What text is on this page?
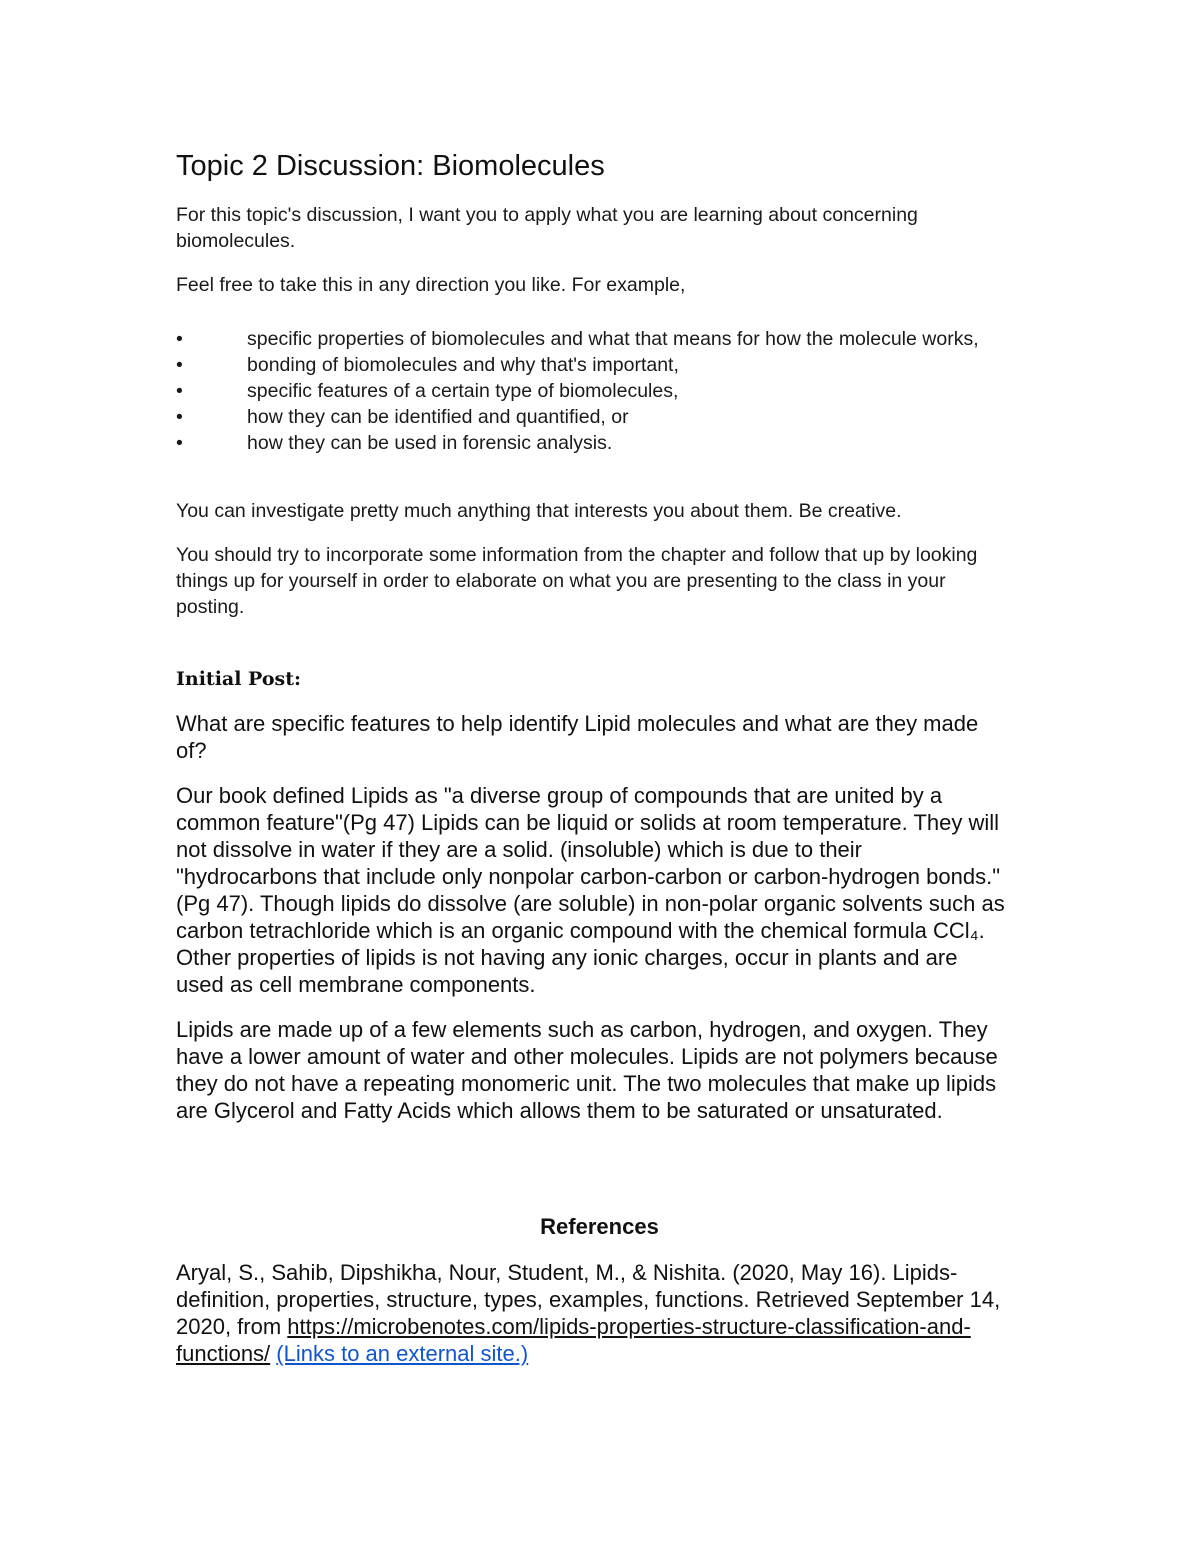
Topic 2 Discussion: Biomolecules

For this topic's discussion, I want you to apply what you are learning about concerning biomolecules.

Feel free to take this in any direction you like. For example,

•	specific properties of biomolecules and what that means for how the molecule works,
•	bonding of biomolecules and why that's important,
•	specific features of a certain type of biomolecules,
•	how they can be identified and quantified, or
•	how they can be used in forensic analysis.

You can investigate pretty much anything that interests you about them. Be creative.

You should try to incorporate some information from the chapter and follow that up by looking things up for yourself in order to elaborate on what you are presenting to the class in your posting.

Initial Post:

What are specific features to help identify Lipid molecules and what are they made of?

Our book defined Lipids as "a diverse group of compounds that are united by a common feature"(Pg 47) Lipids can be liquid or solids at room temperature. They will not dissolve in water if they are a solid. (insoluble) which is due to their "hydrocarbons that include only nonpolar carbon-carbon or carbon-hydrogen bonds." (Pg 47). Though lipids do dissolve (are soluble) in non-polar organic solvents such as carbon tetrachloride which is an organic compound with the chemical formula CCl₄. Other properties of lipids is not having any ionic charges, occur in plants and are used as cell membrane components.

Lipids are made up of a few elements such as carbon, hydrogen, and oxygen. They have a lower amount of water and other molecules. Lipids are not polymers because they do not have a repeating monomeric unit. The two molecules that make up lipids are Glycerol and Fatty Acids which allows them to be saturated or unsaturated.

References

Aryal, S., Sahib, Dipshikha, Nour, Student, M., & Nishita. (2020, May 16). Lipids- definition, properties, structure, types, examples, functions. Retrieved September 14, 2020, from https://microbenotes.com/lipids-properties-structure-classification-and-functions/ (Links to an external site.)
